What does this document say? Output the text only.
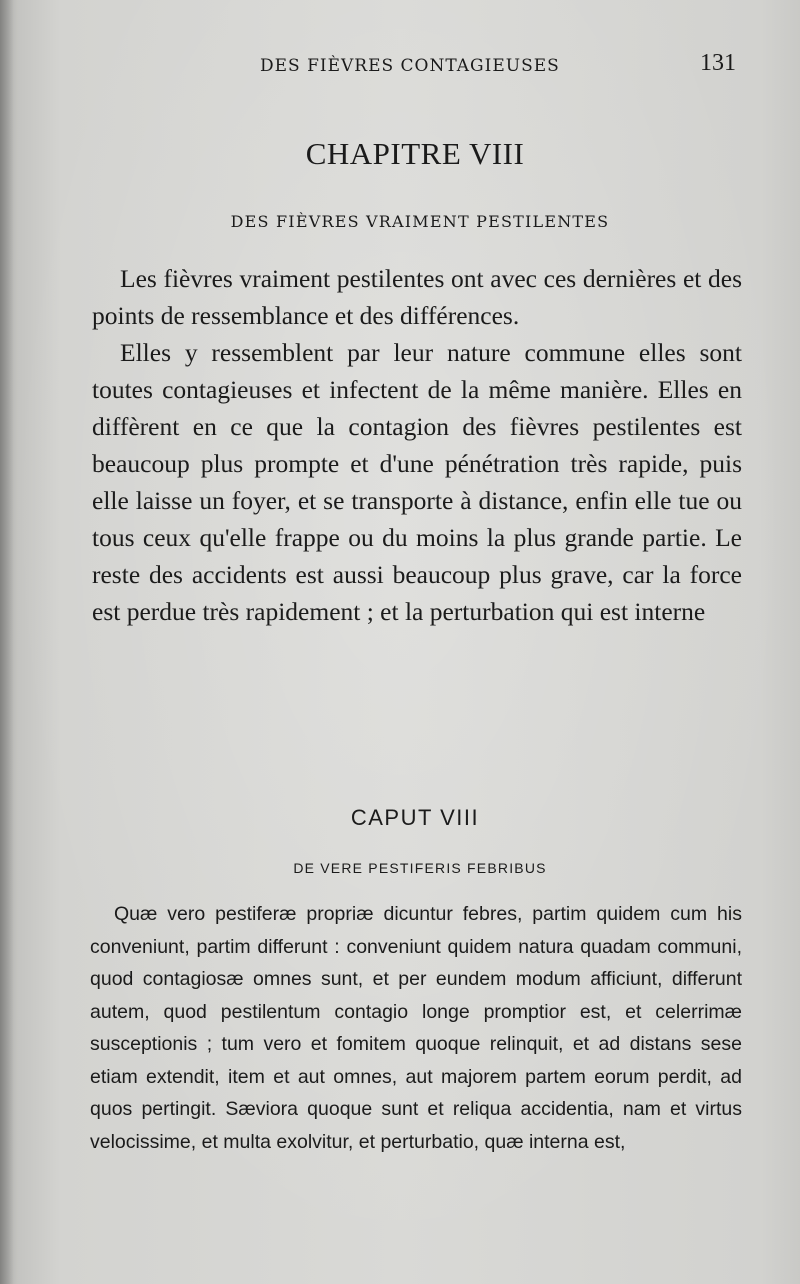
DES FIÈVRES CONTAGIEUSES	131
CHAPITRE VIII
DES FIÈVRES VRAIMENT PESTILENTES

Les fièvres vraiment pestilentes ont avec ces dernières et des points de ressemblance et des différences.

Elles y ressemblent par leur nature commune elles sont toutes contagieuses et infectent de la même manière. Elles en diffèrent en ce que la contagion des fièvres pestilentes est beaucoup plus prompte et d'une pénétration très rapide, puis elle laisse un foyer, et se transporte à distance, enfin elle tue ou tous ceux qu'elle frappe ou du moins la plus grande partie. Le reste des accidents est aussi beaucoup plus grave, car la force est perdue très rapidement ; et la perturbation qui est interne

CAPUT VIII
DE VERE PESTIFERIS FEBRIBUS

Quæ vero pestiferæ propriæ dicuntur febres, partim quidem cum his conveniunt, partim differunt : conveniunt quidem natura quadam communi, quod contagiosæ omnes sunt, et per eundem modum afficiunt, differunt autem, quod pestilentum contagio longe promptior est, et celerrimæ susceptionis ; tum vero et fomitem quoque relinquit, et ad distans sese etiam extendit, item et aut omnes, aut majorem partem eorum perdit, ad quos pertingit. Sæviora quoque sunt et reliqua accidentia, nam et virtus velocissime, et multa exolvitur, et perturbatio, quæ interna est,
